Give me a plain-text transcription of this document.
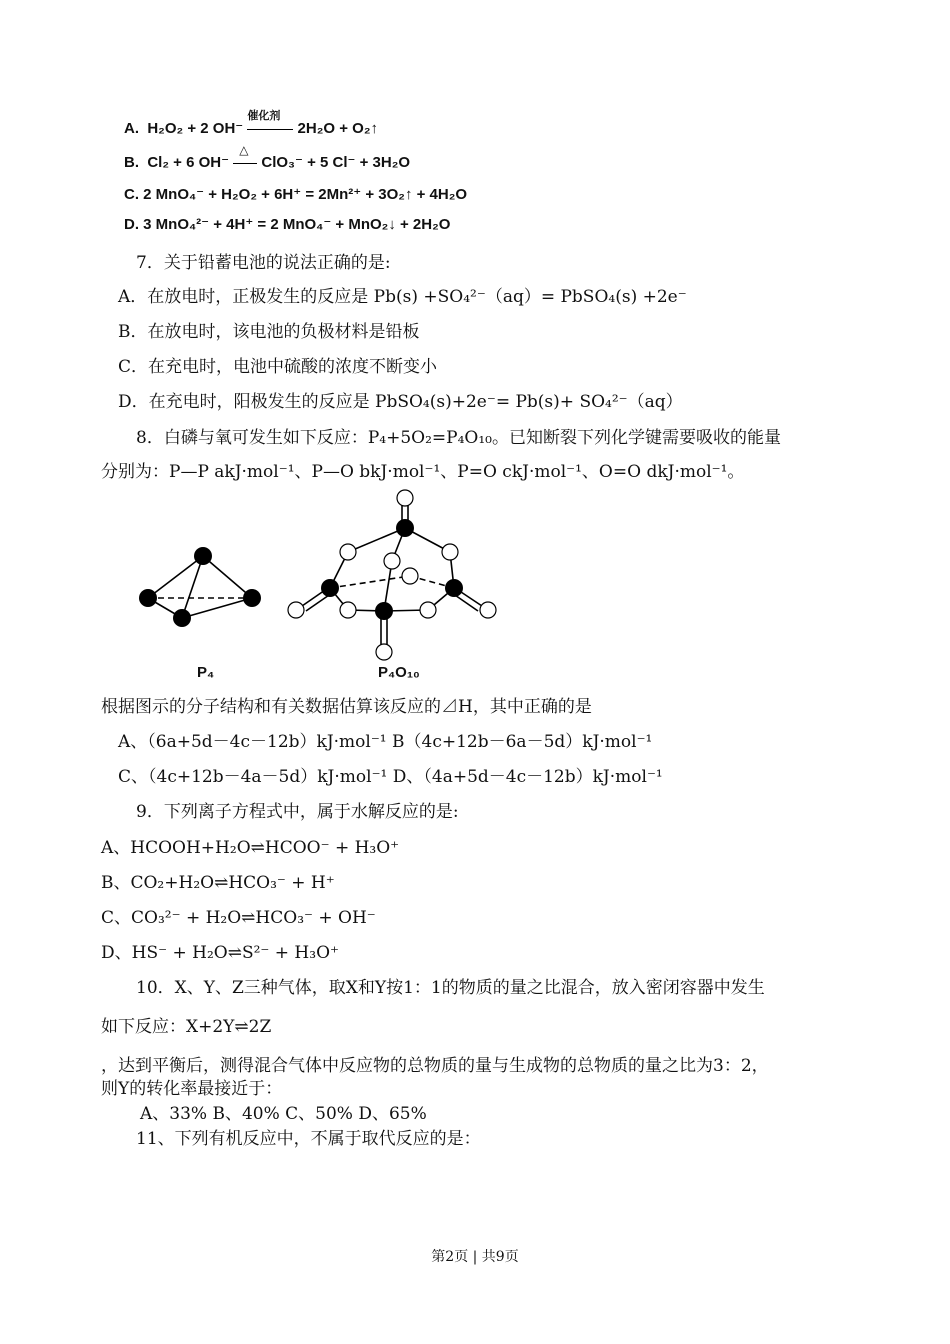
A. H₂O₂ + 2 OH⁻
催化剂
2H₂O + O₂↑
B. Cl₂ + 6 OH⁻
△
ClO₃⁻ + 5 Cl⁻ + 3H₂O
C. 2 MnO₄⁻ + H₂O₂ + 6H⁺ = 2Mn²⁺ + 3O₂↑ + 4H₂O
D. 3 MnO₄²⁻ + 4H⁺ = 2 MnO₄⁻ + MnO₂↓ + 2H₂O
7．关于铅蓄电池的说法正确的是:
A．在放电时，正极发生的反应是 Pb(s) +SO₄²⁻（aq）= PbSO₄(s) +2e⁻
B．在放电时，该电池的负极材料是铅板
C．在充电时，电池中硫酸的浓度不断变小
D．在充电时，阳极发生的反应是 PbSO₄(s)+2e⁻= Pb(s)+ SO₄²⁻（aq）
8．白磷与氧可发生如下反应：P₄+5O₂=P₄O₁₀。已知断裂下列化学键需要吸收的能量
分别为：P—P akJ·mol⁻¹、P—O bkJ·mol⁻¹、P=O ckJ·mol⁻¹、O=O dkJ·mol⁻¹。
P₄	P₄O₁₀
根据图示的分子结构和有关数据估算该反应的⊿H，其中正确的是
A、（6a+5d－4c－12b）kJ·mol⁻¹ B（4c+12b－6a－5d）kJ·mol⁻¹
C、（4c+12b－4a－5d）kJ·mol⁻¹ D、（4a+5d－4c－12b）kJ·mol⁻¹
9．下列离子方程式中，属于水解反应的是:
A、HCOOH+H₂O⇌HCOO⁻ + H₃O⁺
B、CO₂+H₂O⇌HCO₃⁻ + H⁺
C、CO₃²⁻ + H₂O⇌HCO₃⁻ + OH⁻
D、HS⁻ + H₂O⇌S²⁻ + H₃O⁺
10．X、Y、Z三种气体，取X和Y按1：1的物质的量之比混合，放入密闭容器中发生
如下反应：X+2Y⇌2Z
，达到平衡后，测得混合气体中反应物的总物质的量与生成物的总物质的量之比为3：2，
则Y的转化率最接近于：
A、33% B、40% C、50% D、65%
11、下列有机反应中，不属于取代反应的是：
第2页 | 共9页
